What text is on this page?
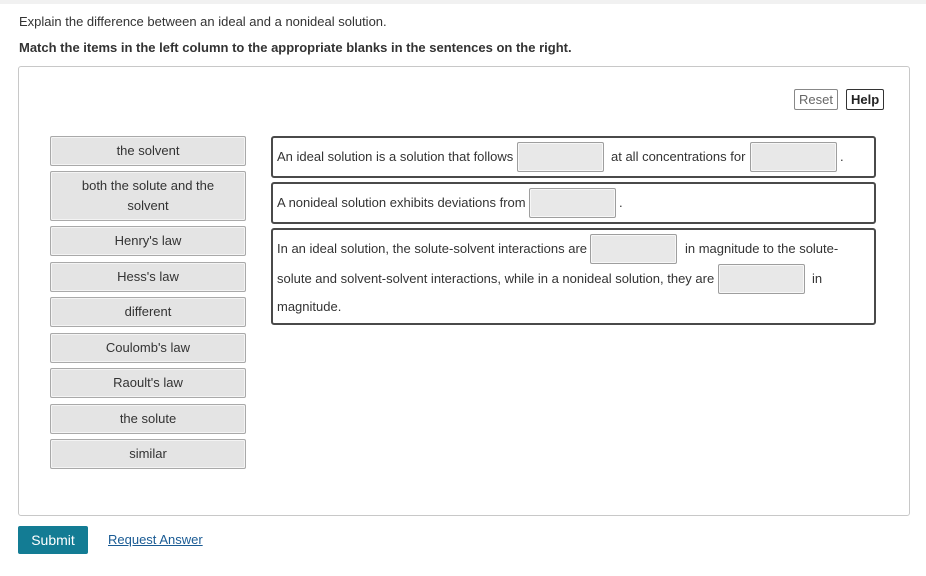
Explain the difference between an ideal and a nonideal solution.
Match the items in the left column to the appropriate blanks in the sentences on the right.
Reset	Help
the solvent
both the solute and the solvent
Henry's law
Hess's law
different
Coulomb's law
Raoult's law
the solute
similar
An ideal solution is a solution that follows	at all concentrations for	.
A nonideal solution exhibits deviations from	.
In an ideal solution, the solute-solvent interactions are	in magnitude to the solute-
solute and solvent-solvent interactions, while in a nonideal solution, they are	in
magnitude.
Submit	Request Answer
